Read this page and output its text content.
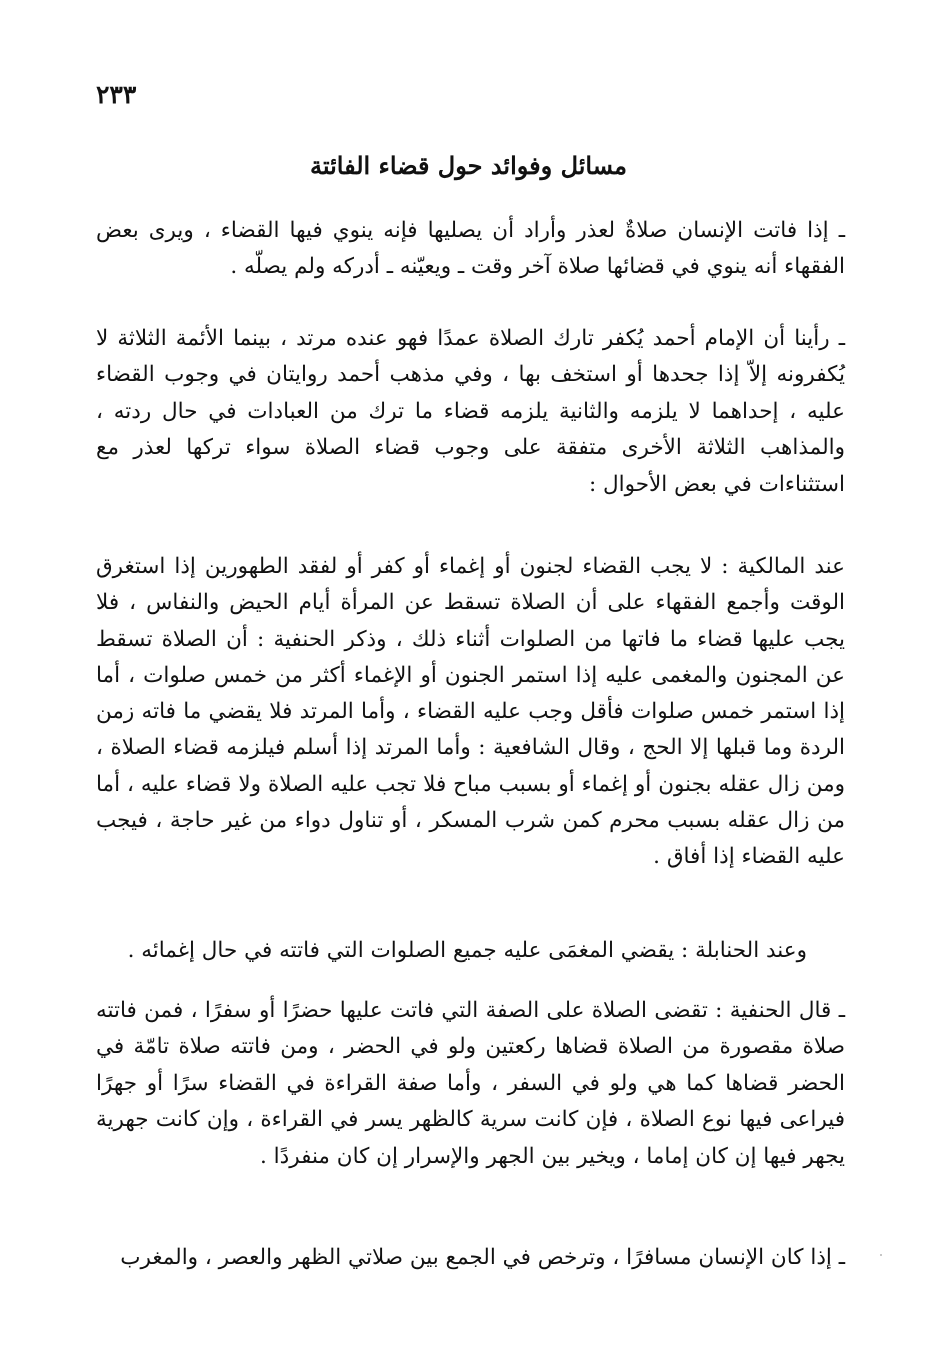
٢٣٣
مسائل وفوائد حول قضاء الفائتة

ـ إذا فاتت الإنسان صلاةٌ لعذر وأراد أن يصليها فإنه ينوي فيها القضاء ، ويرى بعض الفقهاء أنه ينوي في قضائها صلاة آخر وقت ـ ويعيّنه ـ أدركه ولم يصلّه .

ـ رأينا أن الإمام أحمد يُكفر تارك الصلاة عمدًا فهو عنده مرتد ، بينما الأئمة الثلاثة لا يُكفرونه إلاّ إذا جحدها أو استخف بها ، وفي مذهب أحمد روايتان في وجوب القضاء عليه ، إحداهما لا يلزمه والثانية يلزمه قضاء ما ترك من العبادات في حال ردته ، والمذاهب الثلاثة الأخرى متفقة على وجوب قضاء الصلاة سواء تركها لعذر مع استثناءات في بعض الأحوال :

عند المالكية : لا يجب القضاء لجنون أو إغماء أو كفر أو لفقد الطهورين إذا استغرق الوقت وأجمع الفقهاء على أن الصلاة تسقط عن المرأة أيام الحيض والنفاس ، فلا يجب عليها قضاء ما فاتها من الصلوات أثناء ذلك ، وذكر الحنفية : أن الصلاة تسقط عن المجنون والمغمى عليه إذا استمر الجنون أو الإغماء أكثر من خمس صلوات ، أما إذا استمر خمس صلوات فأقل وجب عليه القضاء ، وأما المرتد فلا يقضي ما فاته زمن الردة وما قبلها إلا الحج ، وقال الشافعية : وأما المرتد إذا أسلم فيلزمه قضاء الصلاة ، ومن زال عقله بجنون أو إغماء أو بسبب مباح فلا تجب عليه الصلاة ولا قضاء عليه ، أما من زال عقله بسبب محرم كمن شرب المسكر ، أو تناول دواء من غير حاجة ، فيجب عليه القضاء إذا أفاق .

وعند الحنابلة : يقضي المغمَى عليه جميع الصلوات التي فاتته في حال إغمائه .

ـ قال الحنفية : تقضى الصلاة على الصفة التي فاتت عليها حضرًا أو سفرًا ، فمن فاتته صلاة مقصورة من الصلاة قضاها ركعتين ولو في الحضر ، ومن فاتته صلاة تامّة في الحضر قضاها كما هي ولو في السفر ، وأما صفة القراءة في القضاء سرًا أو جهرًا فيراعى فيها نوع الصلاة ، فإن كانت سرية كالظهر يسر في القراءة ، وإن كانت جهرية يجهر فيها إن كان إماما ، ويخير بين الجهر والإسرار إن كان منفردًا .

ـ إذا كان الإنسان مسافرًا ، وترخص في الجمع بين صلاتي الظهر والعصر ، والمغرب
